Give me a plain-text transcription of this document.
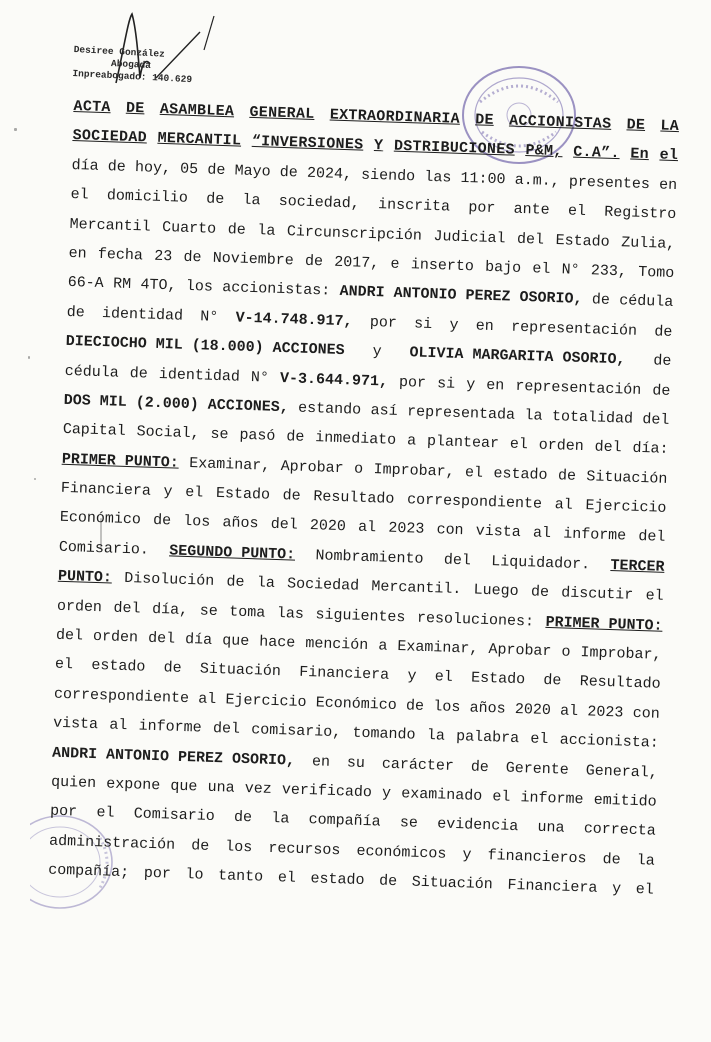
Desiree González
Abogada
Inpreabogado: 140.629
ACTA DE ASAMBLEA GENERAL EXTRAORDINARIA DE ACCIONISTAS DE LA
SOCIEDAD MERCANTIL “INVERSIONES Y DSTRIBUCIONES P&M, C.A”. En el
día de hoy, 05 de Mayo de 2024, siendo las 11:00 a.m., presentes en
el domicilio de la sociedad, inscrita por ante el Registro
Mercantil Cuarto de la Circunscripción Judicial del Estado Zulia,
en fecha 23 de Noviembre de 2017, e inserto bajo el N° 233, Tomo
66-A RM 4TO, los accionistas: ANDRI ANTONIO PEREZ OSORIO, de cédula
de identidad N° V-14.748.917, por si y en representación de
DIECIOCHO MIL (18.000) ACCIONES y OLIVIA MARGARITA OSORIO, de
cédula de identidad N° V-3.644.971, por si y en representación de
DOS MIL (2.000) ACCIONES, estando así representada la totalidad del
Capital Social, se pasó de inmediato a plantear el orden del día:
PRIMER PUNTO: Examinar, Aprobar o Improbar, el estado de Situación
Financiera y el Estado de Resultado correspondiente al Ejercicio
Económico de los años del 2020 al 2023 con vista al informe del
Comisario. SEGUNDO PUNTO: Nombramiento del Liquidador. TERCER
PUNTO: Disolución de la Sociedad Mercantil. Luego de discutir el
orden del día, se toma las siguientes resoluciones: PRIMER PUNTO:
del orden del día que hace mención a Examinar, Aprobar o Improbar,
el estado de Situación Financiera y el Estado de Resultado
correspondiente al Ejercicio Económico de los años 2020 al 2023 con
vista al informe del comisario, tomando la palabra el accionista:
ANDRI ANTONIO PEREZ OSORIO, en su carácter de Gerente General,
quien expone que una vez verificado y examinado el informe emitido
por el Comisario de la compañía se evidencia una correcta
administración de los recursos económicos y financieros de la
compañía; por lo tanto el estado de Situación Financiera y el
